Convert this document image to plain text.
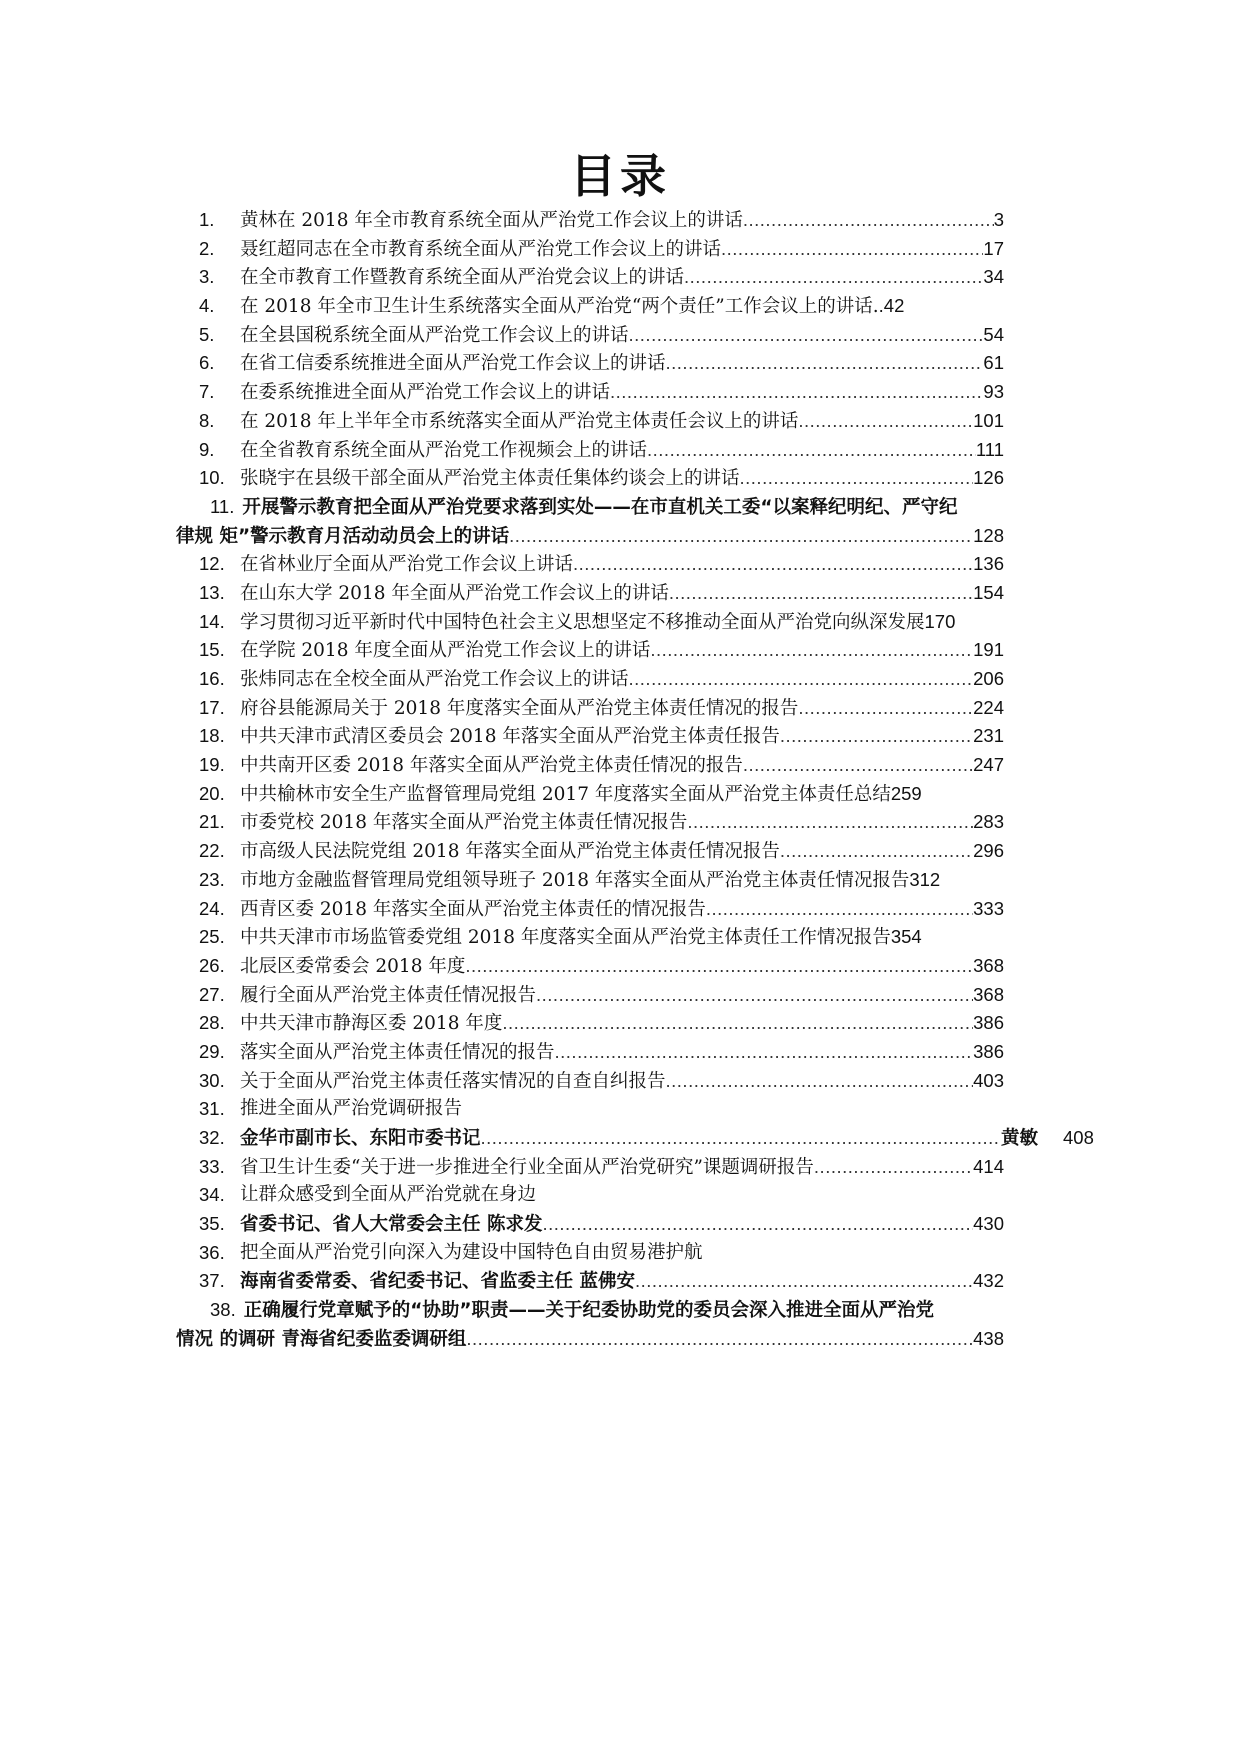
目录
1.	黄林在 2018 年全市教育系统全面从严治党工作会议上的讲话 .....	3
2.	聂红超同志在全市教育系统全面从严治党工作会议上的讲话 .....	17
3.	在全市教育工作暨教育系统全面从严治党会议上的讲话 .....	34
4.	在 2018 年全市卫生计生系统落实全面从严治党“两个责任”工作会议上的讲话. .42
5.	在全县国税系统全面从严治党工作会议上的讲话 .....	54
6.	在省工信委系统推进全面从严治党工作会议上的讲话 .....	61
7.	在委系统推进全面从严治党工作会议上的讲话 .....	93
8.	在 2018 年上半年全市系统落实全面从严治党主体责任会议上的讲话 .....	101
9.	在全省教育系统全面从严治党工作视频会上的讲话 .....	111
10. 张晓宇在县级干部全面从严治党主体责任集体约谈会上的讲话 .....	126
11. 开展警示教育把全面从严治党要求落到实处——在市直机关工委“以案释纪明纪、严守纪
律规 矩”警示教育月活动动员会上的讲话 .....	128
12. 在省林业厅全面从严治党工作会议上讲话 .....	136
13. 在山东大学 2018 年全面从严治党工作会议上的讲话 .....	154
14. 学习贯彻习近平新时代中国特色社会主义思想坚定不移推动全面从严治党向纵深发展 170
15. 在学院 2018 年度全面从严治党工作会议上的讲话 .....	191
16. 张炜同志在全校全面从严治党工作会议上的讲话 .....	206
17. 府谷县能源局关于 2018 年度落实全面从严治党主体责任情况的报告 .....	224
18. 中共天津市武清区委员会 2018 年落实全面从严治党主体责任报告 .....	231
19. 中共南开区委 2018 年落实全面从严治党主体责任情况的报告 .....	247
20. 中共榆林市安全生产监督管理局党组 2017 年度落实全面从严治党主体责任总结 259
21. 市委党校 2018 年落实全面从严治党主体责任情况报告 .....	283
22. 市高级人民法院党组 2018 年落实全面从严治党主体责任情况报告 .....	296
23. 市地方金融监督管理局党组领导班子 2018 年落实全面从严治党主体责任情况报告 312
24. 西青区委 2018 年落实全面从严治党主体责任的情况报告 .....	333
25. 中共天津市市场监管委党组 2018 年度落实全面从严治党主体责任工作情况报告 354
26. 北辰区委常委会 2018 年度 .....	368
27. 履行全面从严治党主体责任情况报告 .....	368
28. 中共天津市静海区委 2018 年度 .....	386
29. 落实全面从严治党主体责任情况的报告 .....	386
30. 关于全面从严治党主体责任落实情况的自查自纠报告 .....	403
31. 推进全面从严治党调研报告
32. 金华市副市长、东阳市委书记 .....	黄敏 408
33. 省卫生计生委“关于进一步推进全行业全面从严治党研究”课题调研报告 .....	414
34. 让群众感受到全面从严治党就在身边
35. 省委书记、省人大常委会主任 陈求发 .....	430
36. 把全面从严治党引向深入为建设中国特色自由贸易港护航
37. 海南省委常委、省纪委书记、省监委主任 蓝佛安 .....	432
38. 正确履行党章赋予的“协助”职责——关于纪委协助党的委员会深入推进全面从严治党
情况 的调研 青海省纪委监委调研组 .....	438
